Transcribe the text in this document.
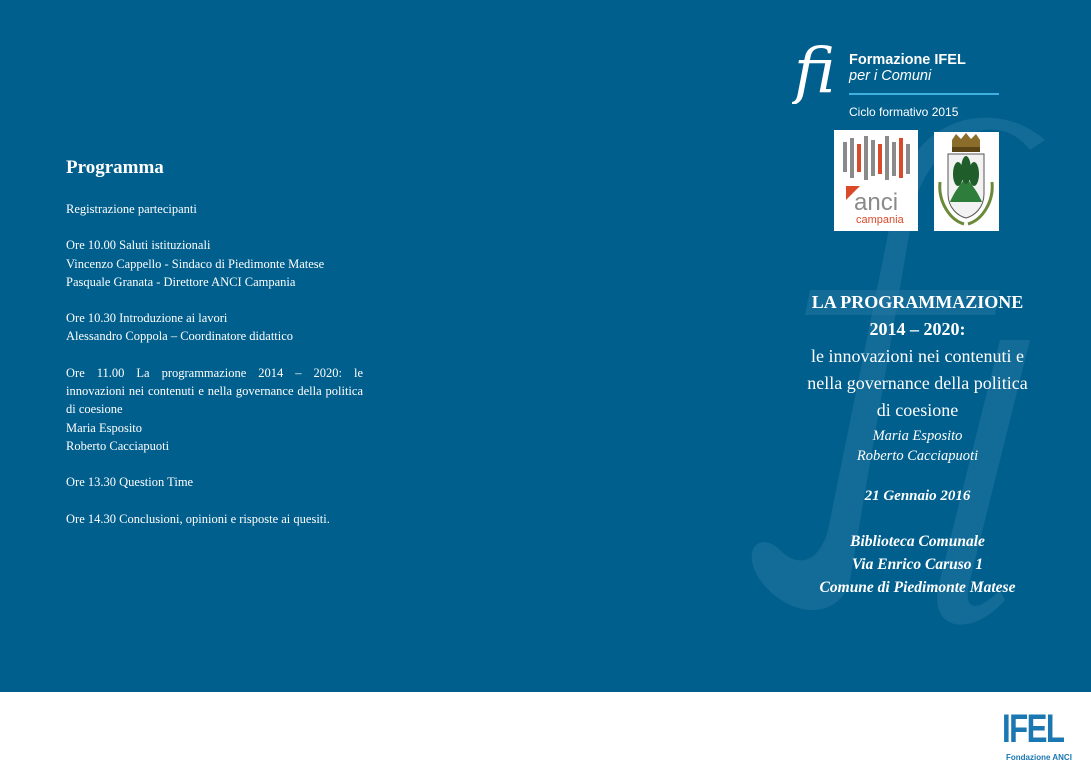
Programma

Registrazione partecipanti

Ore 10.00 Saluti istituzionali
Vincenzo Cappello - Sindaco di Piedimonte Matese
Pasquale Granata - Direttore ANCI Campania

Ore 10.30 Introduzione ai lavori
Alessandro Coppola – Coordinatore didattico

Ore 11.00 La programmazione 2014 – 2020: le innovazioni nei contenuti e nella governance della politica di coesione
Maria Esposito
Roberto Cacciapuoti

Ore 13.30 Question Time

Ore 14.30 Conclusioni, opinioni e risposte ai quesiti.

fi Formazione IFEL
per i Comuni
Ciclo formativo 2015
anci
campania
LA PROGRAMMAZIONE
2014 – 2020:
le innovazioni nei contenuti e
nella governance della politica
di coesione
Maria Esposito
Roberto Cacciapuoti
21 Gennaio 2016
Biblioteca Comunale
Via Enrico Caruso 1
Comune di Piedimonte Matese
IFEL
Fondazione ANCI
